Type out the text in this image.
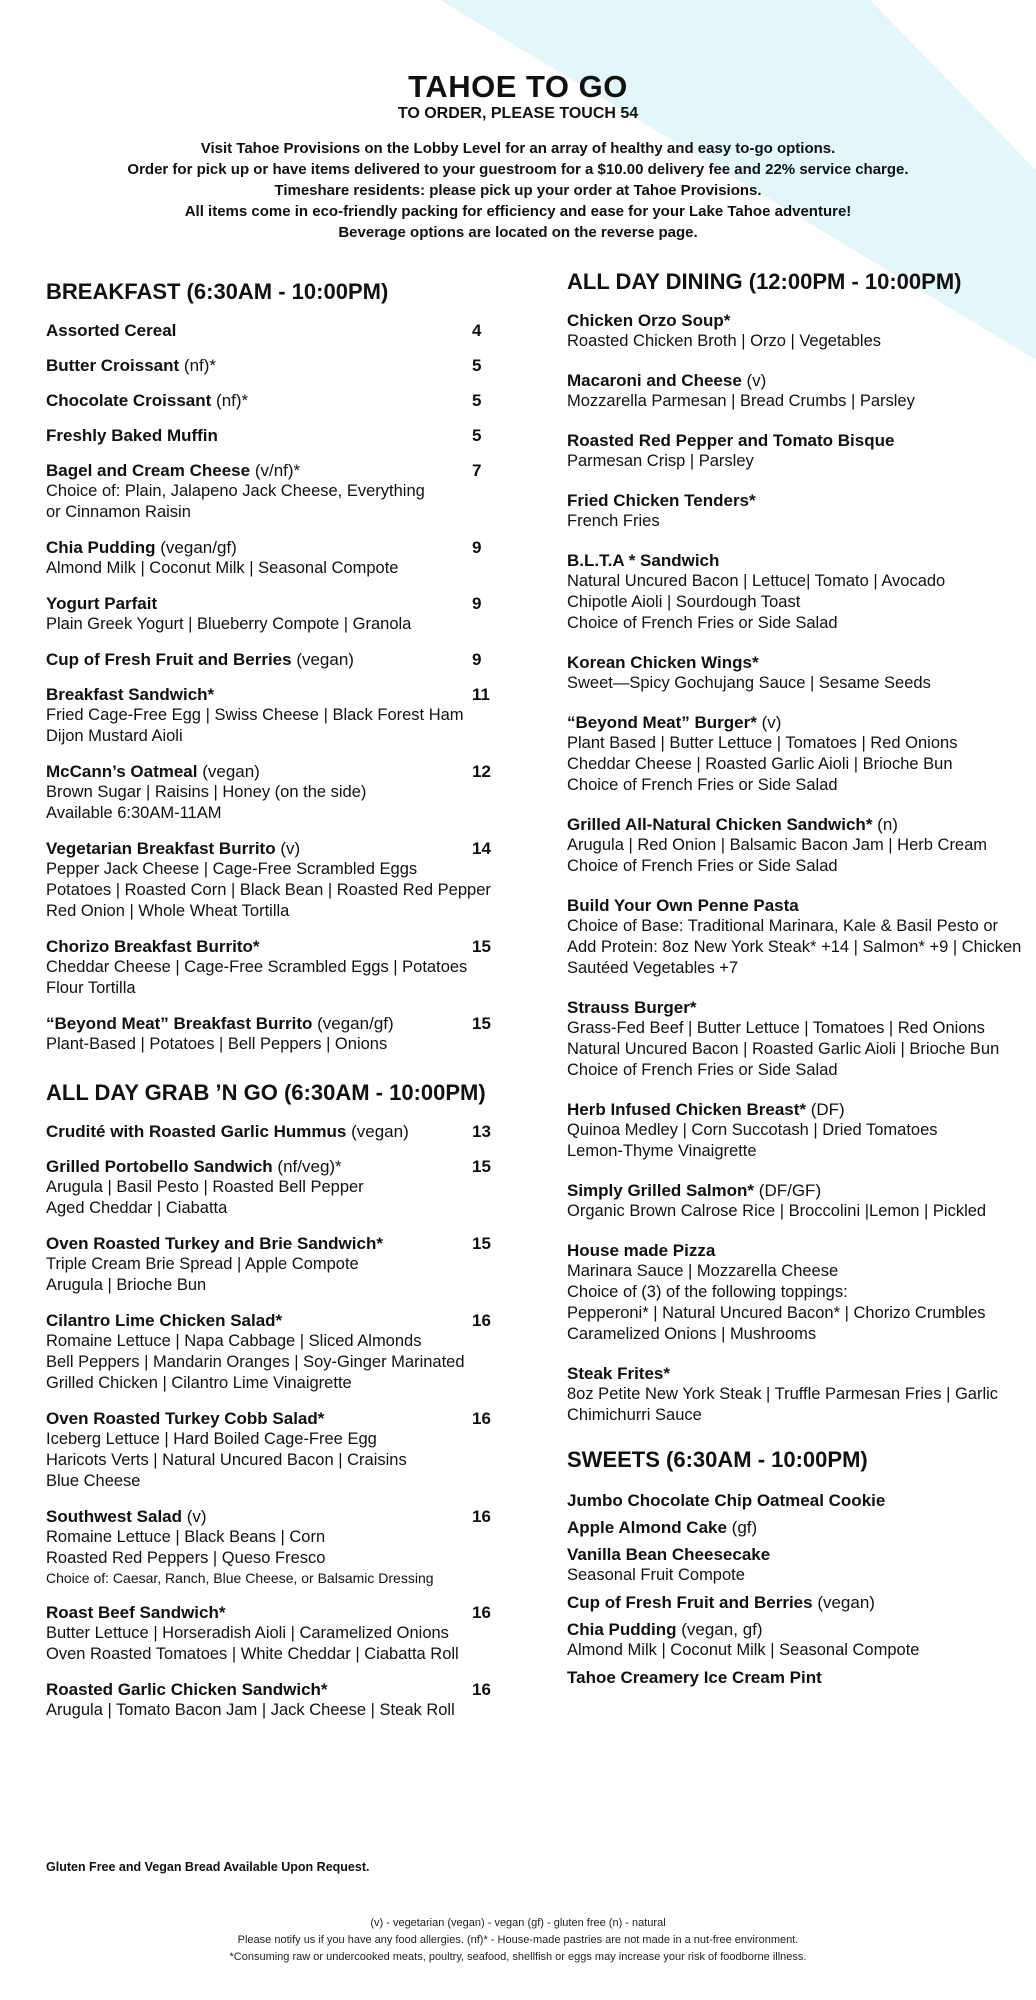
TAHOE TO GO
TO ORDER, PLEASE TOUCH 54
Visit Tahoe Provisions on the Lobby Level for an array of healthy and easy to-go options.
Order for pick up or have items delivered to your guestroom for a $10.00 delivery fee and 22% service charge.
Timeshare residents: please pick up your order at Tahoe Provisions.
All items come in eco-friendly packing for efficiency and ease for your Lake Tahoe adventure!
Beverage options are located on the reverse page.
BREAKFAST (6:30AM - 10:00PM)
Assorted Cereal	4
Butter Croissant (nf)*	5
Chocolate Croissant (nf)*	5
Freshly Baked Muffin	5
Bagel and Cream Cheese (v/nf)*	7
Choice of: Plain, Jalapeno Jack Cheese, Everything
or Cinnamon Raisin
Chia Pudding (vegan/gf)	9
Almond Milk | Coconut Milk | Seasonal Compote
Yogurt Parfait	9
Plain Greek Yogurt | Blueberry Compote | Granola
Cup of Fresh Fruit and Berries (vegan)	9
Breakfast Sandwich*	11
Fried Cage-Free Egg | Swiss Cheese | Black Forest Ham
Dijon Mustard Aioli
McCann’s Oatmeal (vegan)	12
Brown Sugar | Raisins | Honey (on the side)
Available 6:30AM-11AM
Vegetarian Breakfast Burrito (v)	14
Pepper Jack Cheese | Cage-Free Scrambled Eggs
Potatoes | Roasted Corn | Black Bean | Roasted Red Pepper
Red Onion | Whole Wheat Tortilla
Chorizo Breakfast Burrito*	15
Cheddar Cheese | Cage-Free Scrambled Eggs | Potatoes
Flour Tortilla
“Beyond Meat” Breakfast Burrito (vegan/gf)	15
Plant-Based | Potatoes | Bell Peppers | Onions
ALL DAY GRAB ’N GO (6:30AM - 10:00PM)
Crudité with Roasted Garlic Hummus (vegan)	13
Grilled Portobello Sandwich (nf/veg)*	15
Arugula | Basil Pesto | Roasted Bell Pepper
Aged Cheddar | Ciabatta
Oven Roasted Turkey and Brie Sandwich*	15
Triple Cream Brie Spread | Apple Compote
Arugula | Brioche Bun
Cilantro Lime Chicken Salad*	16
Romaine Lettuce | Napa Cabbage | Sliced Almonds
Bell Peppers | Mandarin Oranges | Soy-Ginger Marinated
Grilled Chicken | Cilantro Lime Vinaigrette
Oven Roasted Turkey Cobb Salad*	16
Iceberg Lettuce | Hard Boiled Cage-Free Egg
Haricots Verts | Natural Uncured Bacon | Craisins
Blue Cheese
Southwest Salad (v)	16
Romaine Lettuce | Black Beans | Corn
Roasted Red Peppers | Queso Fresco
Choice of: Caesar, Ranch, Blue Cheese, or Balsamic Dressing
Roast Beef Sandwich*	16
Butter Lettuce | Horseradish Aioli | Caramelized Onions
Oven Roasted Tomatoes | White Cheddar | Ciabatta Roll
Roasted Garlic Chicken Sandwich*	16
Arugula | Tomato Bacon Jam | Jack Cheese | Steak Roll
ALL DAY DINING (12:00PM - 10:00PM)
Chicken Orzo Soup*
Roasted Chicken Broth | Orzo | Vegetables
Macaroni and Cheese (v)
Mozzarella Parmesan | Bread Crumbs | Parsley
Roasted Red Pepper and Tomato Bisque
Parmesan Crisp | Parsley
Fried Chicken Tenders*
French Fries
B.L.T.A * Sandwich
Natural Uncured Bacon | Lettuce| Tomato | Avocado
Chipotle Aioli | Sourdough Toast
Choice of French Fries or Side Salad
Korean Chicken Wings*
Sweet—Spicy Gochujang Sauce | Sesame Seeds
“Beyond Meat” Burger* (v)
Plant Based | Butter Lettuce | Tomatoes | Red Onions
Cheddar Cheese | Roasted Garlic Aioli | Brioche Bun
Choice of French Fries or Side Salad
Grilled All-Natural Chicken Sandwich* (n)
Arugula | Red Onion | Balsamic Bacon Jam | Herb Cream
Choice of French Fries or Side Salad
Build Your Own Penne Pasta
Choice of Base: Traditional Marinara, Kale & Basil Pesto or
Add Protein: 8oz New York Steak* +14 | Salmon* +9 | Chicken
Sautéed Vegetables +7
Strauss Burger*
Grass-Fed Beef | Butter Lettuce | Tomatoes | Red Onions
Natural Uncured Bacon | Roasted Garlic Aioli | Brioche Bun
Choice of French Fries or Side Salad
Herb Infused Chicken Breast* (DF)
Quinoa Medley | Corn Succotash | Dried Tomatoes
Lemon-Thyme Vinaigrette
Simply Grilled Salmon* (DF/GF)
Organic Brown Calrose Rice | Broccolini |Lemon | Pickled
House made Pizza
Marinara Sauce | Mozzarella Cheese
Choice of (3) of the following toppings:
Pepperoni* | Natural Uncured Bacon* | Chorizo Crumbles
Caramelized Onions | Mushrooms
Steak Frites*
8oz Petite New York Steak | Truffle Parmesan Fries | Garlic
Chimichurri Sauce
SWEETS (6:30AM - 10:00PM)
Jumbo Chocolate Chip Oatmeal Cookie
Apple Almond Cake (gf)
Vanilla Bean Cheesecake
Seasonal Fruit Compote
Cup of Fresh Fruit and Berries (vegan)
Chia Pudding (vegan, gf)
Almond Milk | Coconut Milk | Seasonal Compote
Tahoe Creamery Ice Cream Pint
Gluten Free and Vegan Bread Available Upon Request.
(v) - vegetarian (vegan) - vegan (gf) - gluten free (n) - natural
Please notify us if you have any food allergies. (nf)* - House-made pastries are not made in a nut-free environment.
*Consuming raw or undercooked meats, poultry, seafood, shellfish or eggs may increase your risk of foodborne illness.
